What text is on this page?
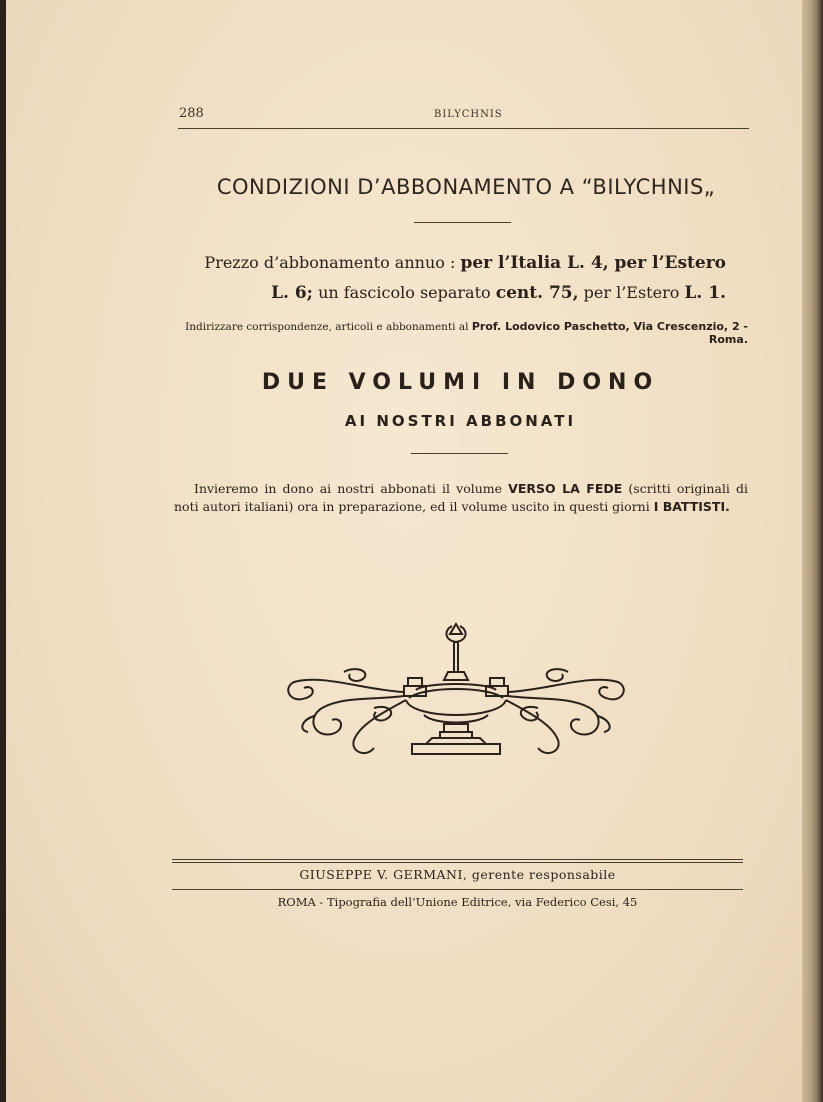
288	BILYCHNIS
CONDIZIONI D’ABBONAMENTO A “BILYCHNIS„
Prezzo d’abbonamento annuo : per l’Italia L. 4, per l’Estero
L. 6; un fascicolo separato cent. 75, per l’Estero L. 1.
Indirizzare corrispondenze, articoli e abbonamenti al Prof. Lodovico Paschetto, Via Crescenzio, 2 - Roma.
DUE VOLUMI IN DONO
AI NOSTRI ABBONATI
Invieremo in dono ai nostri abbonati il volume VERSO LA FEDE (scritti originali di noti autori italiani) ora in preparazione, ed il volume uscito in questi giorni I BATTISTI.
GIUSEPPE V. GERMANI, gerente responsabile
ROMA - Tipografia dell’Unione Editrice, via Federico Cesi, 45
